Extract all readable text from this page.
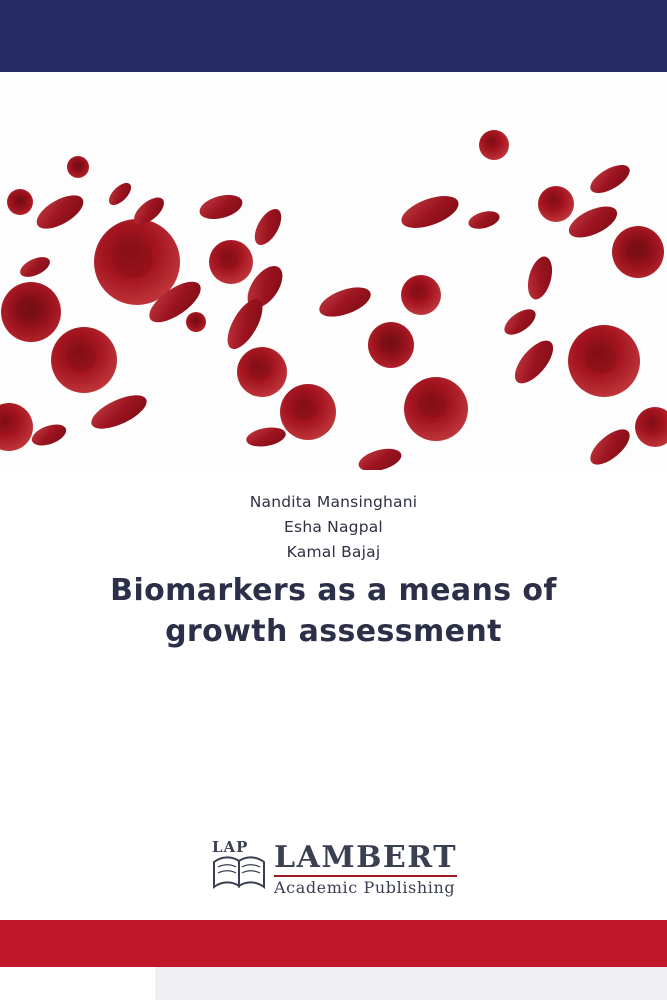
Nandita Mansinghani
Esha Nagpal
Kamal Bajaj
Biomarkers as a means of growth assessment
LAP LAMBERT
Academic Publishing
